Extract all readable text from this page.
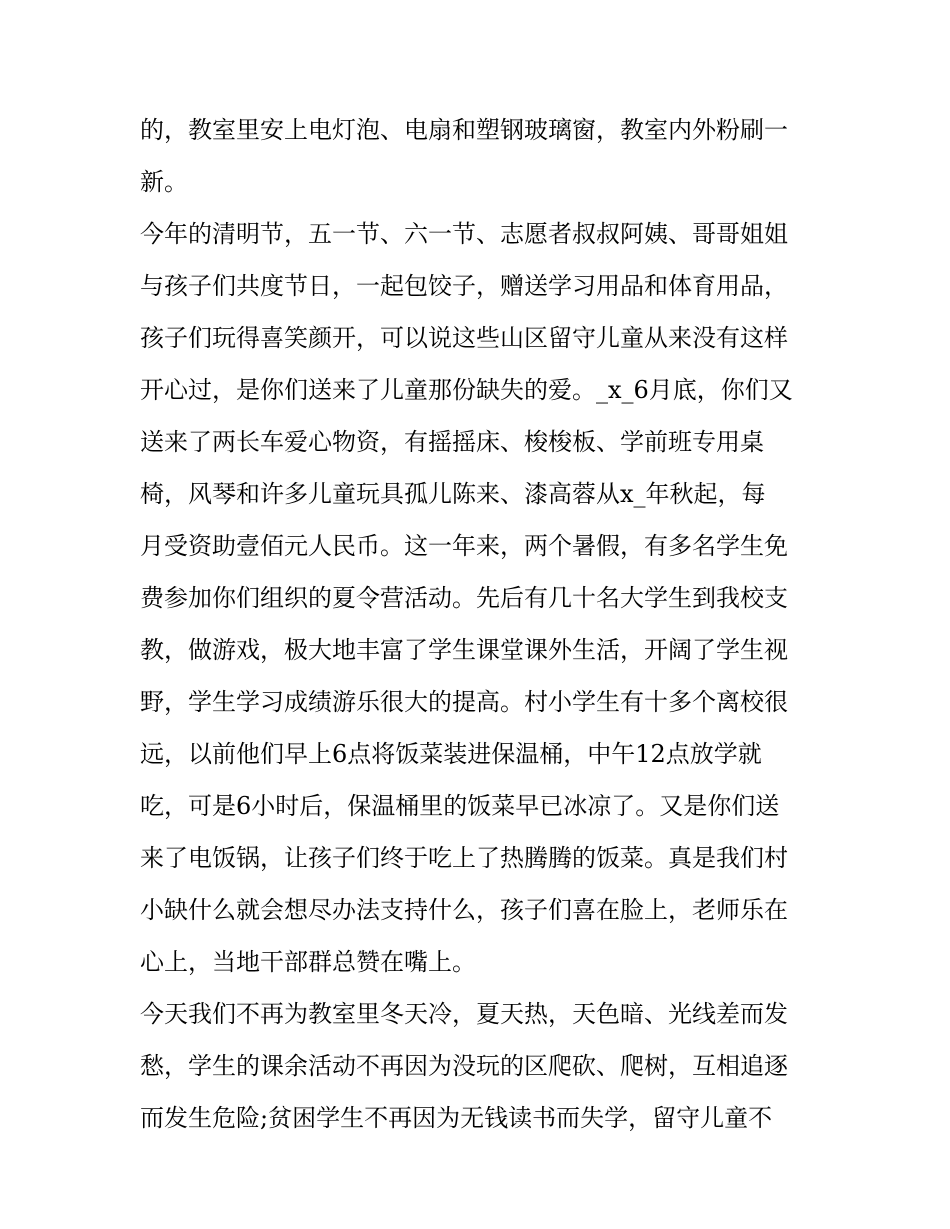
的，教室里安上电灯泡、电扇和塑钢玻璃窗，教室内外粉刷一
新。
今年的清明节，五一节、六一节、志愿者叔叔阿姨、哥哥姐姐
与孩子们共度节日，一起包饺子，赠送学习用品和体育用品，
孩子们玩得喜笑颜开，可以说这些山区留守儿童从来没有这样
开心过，是你们送来了儿童那份缺失的爱。_x_6月底，你们又
送来了两长车爱心物资，有摇摇床、梭梭板、学前班专用桌
椅，风琴和许多儿童玩具孤儿陈来、漆高蓉从x_年秋起，每
月受资助壹佰元人民币。这一年来，两个暑假，有多名学生免
费参加你们组织的夏令营活动。先后有几十名大学生到我校支
教，做游戏，极大地丰富了学生课堂课外生活，开阔了学生视
野，学生学习成绩游乐很大的提高。村小学生有十多个离校很
远，以前他们早上6点将饭菜装进保温桶，中午12点放学就
吃，可是6小时后，保温桶里的饭菜早已冰凉了。又是你们送
来了电饭锅，让孩子们终于吃上了热腾腾的饭菜。真是我们村
小缺什么就会想尽办法支持什么，孩子们喜在脸上，老师乐在
心上，当地干部群总赞在嘴上。
今天我们不再为教室里冬天冷，夏天热，天色暗、光线差而发
愁，学生的课余活动不再因为没玩的区爬砍、爬树，互相追逐
而发生危险;贫困学生不再因为无钱读书而失学，留守儿童不
